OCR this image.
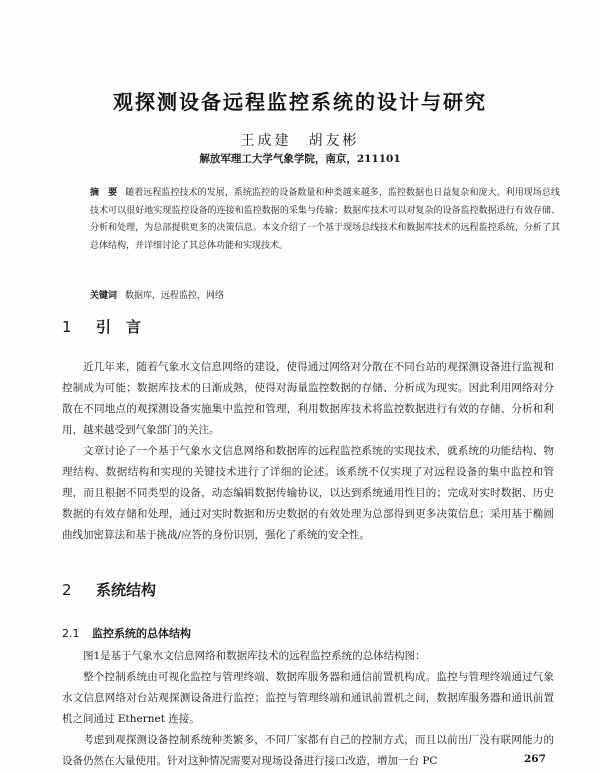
观探测设备远程监控系统的设计与研究
王成建　胡友彬
解放军理工大学气象学院，南京，211101
摘　要 随着远程监控技术的发展，系统监控的设备数量和种类越来越多，监控数据也日益复杂和庞大。利用现场总线技术可以很好地实现监控设备的连接和监控数据的采集与传输；数据库技术可以对复杂的设备监控数据进行有效存储、分析和处理，为总部提供更多的决策信息。本文介绍了一个基于现场总线技术和数据库技术的远程监控系统，分析了其总体结构，并详细讨论了其总体功能和实现技术。
关键词 数据库，远程监控，网络
1 引　言

近几年来，随着气象水文信息网络的建设，使得通过网络对分散在不同台站的观探测设备进行监视和控制成为可能；数据库技术的日渐成熟，使得对海量监控数据的存储、分析成为现实。因此利用网络对分散在不同地点的观探测设备实施集中监控和管理，利用数据库技术将监控数据进行有效的存储、分析和利用，越来越受到气象部门的关注。

文章讨论了一个基于气象水文信息网络和数据库的远程监控系统的实现技术，就系统的功能结构、物理结构、数据结构和实现的关键技术进行了详细的论述。该系统不仅实现了对远程设备的集中监控和管理，而且根据不同类型的设备，动态编辑数据传输协议，以达到系统通用性目的；完成对实时数据、历史数据的有效存储和处理，通过对实时数据和历史数据的有效处理为总部得到更多决策信息；采用基于椭圆曲线加密算法和基于挑战/应答的身份识别，强化了系统的安全性。

2 系统结构
2.1 监控系统的总体结构

图1是基于气象水文信息网络和数据库技术的远程监控系统的总体结构图：

整个控制系统由可视化监控与管理终端、数据库服务器和通信前置机构成。监控与管理终端通过气象水文信息网络对台站观探测设备进行监控；监控与管理终端和通讯前置机之间，数据库服务器和通讯前置机之间通过 Ethernet 连接。

考虑到观探测设备控制系统种类繁多，不同厂家都有自己的控制方式，而且以前出厂没有联网能力的设备仍然在大量使用。针对这种情况需要对现场设备进行接口改造，增加一台 PC	267
